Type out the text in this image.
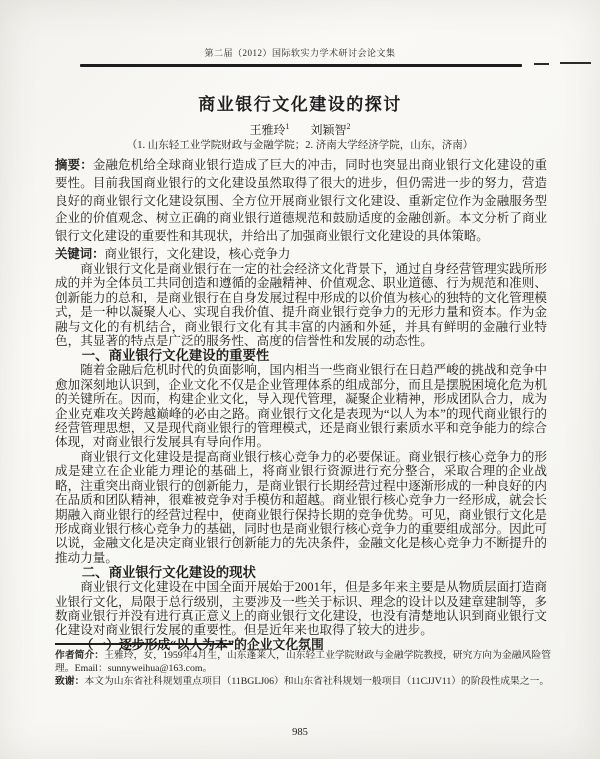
第二届（2012）国际软实力学术研讨会论文集
商业银行文化建设的探讨
王雅玲$^1$ 刘颖智$^2$
（1. 山东轻工业学院财政与金融学院；2. 济南大学经济学院，山东，济南）

摘要：金融危机给全球商业银行造成了巨大的冲击，同时也突显出商业银行文化建设的重要性。目前我国商业银行的文化建设虽然取得了很大的进步，但仍需进一步的努力，营造良好的商业银行文化建设氛围、全方位开展商业银行文化建设、重新定位作为金融服务型企业的价值观念、树立正确的商业银行道德规范和鼓励适度的金融创新。本文分析了商业银行文化建设的重要性和其现状，并给出了加强商业银行文化建设的具体策略。

关键词：商业银行，文化建设，核心竞争力

商业银行文化是商业银行在一定的社会经济文化背景下，通过自身经营管理实践所形成的并为全体员工共同创造和遵循的金融精神、价值观念、职业道德、行为规范和准则、创新能力的总和，是商业银行在自身发展过程中形成的以价值为核心的独特的文化管理模式，是一种以凝聚人心、实现自我价值、提升商业银行竞争力的无形力量和资本。作为金融与文化的有机结合，商业银行文化有其丰富的内涵和外延，并具有鲜明的金融行业特色，其显著的特点是广泛的服务性、高度的信誉性和发展的动态性。

一、商业银行文化建设的重要性

随着金融后危机时代的负面影响，国内相当一些商业银行在日趋严峻的挑战和竞争中愈加深刻地认识到，企业文化不仅是企业管理体系的组成部分，而且是摆脱困境化危为机的关键所在。因而，构建企业文化，导入现代管理，凝聚企业精神，形成团队合力，成为企业克难攻关跨越巅峰的必由之路。商业银行文化是表现为“以人为本”的现代商业银行的经营管理思想，又是现代商业银行的管理模式，还是商业银行素质水平和竞争能力的综合体现，对商业银行发展具有导向作用。

商业银行文化建设是提高商业银行核心竞争力的必要保证。商业银行核心竞争力的形成是建立在企业能力理论的基础上，将商业银行资源进行充分整合，采取合理的企业战略，注重突出商业银行的创新能力，是商业银行长期经营过程中逐渐形成的一种良好的内在品质和团队精神，很难被竞争对手模仿和超越。商业银行核心竞争力一经形成，就会长期融入商业银行的经营过程中，使商业银行保持长期的竞争优势。可见，商业银行文化是形成商业银行核心竞争力的基础，同时也是商业银行核心竞争力的重要组成部分。因此可以说，金融文化是决定商业银行创新能力的先决条件，金融文化是核心竞争力不断提升的推动力量。

二、商业银行文化建设的现状

商业银行文化建设在中国全面开展始于2001年，但是多年来主要是从物质层面打造商业银行文化，局限于总行级别，主要涉及一些关于标识、理念的设计以及建章建制等，多数商业银行并没有进行真正意义上的商业银行文化建设，也没有清楚地认识到商业银行文化建设对商业银行发展的重要性。但是近年来也取得了较大的进步。

（一）逐步形成“以人为本”的企业文化氛围

作者简介：王雅玲，女，1959年4月生，山东蓬莱人，山东轻工业学院财政与金融学院教授，研究方向为金融风险管理。Email：sunnyweihua@163.com。

致谢：本文为山东省社科规划重点项目（11BGLJ06）和山东省社科规划一般项目（11CJJV11）的阶段性成果之一。

985
